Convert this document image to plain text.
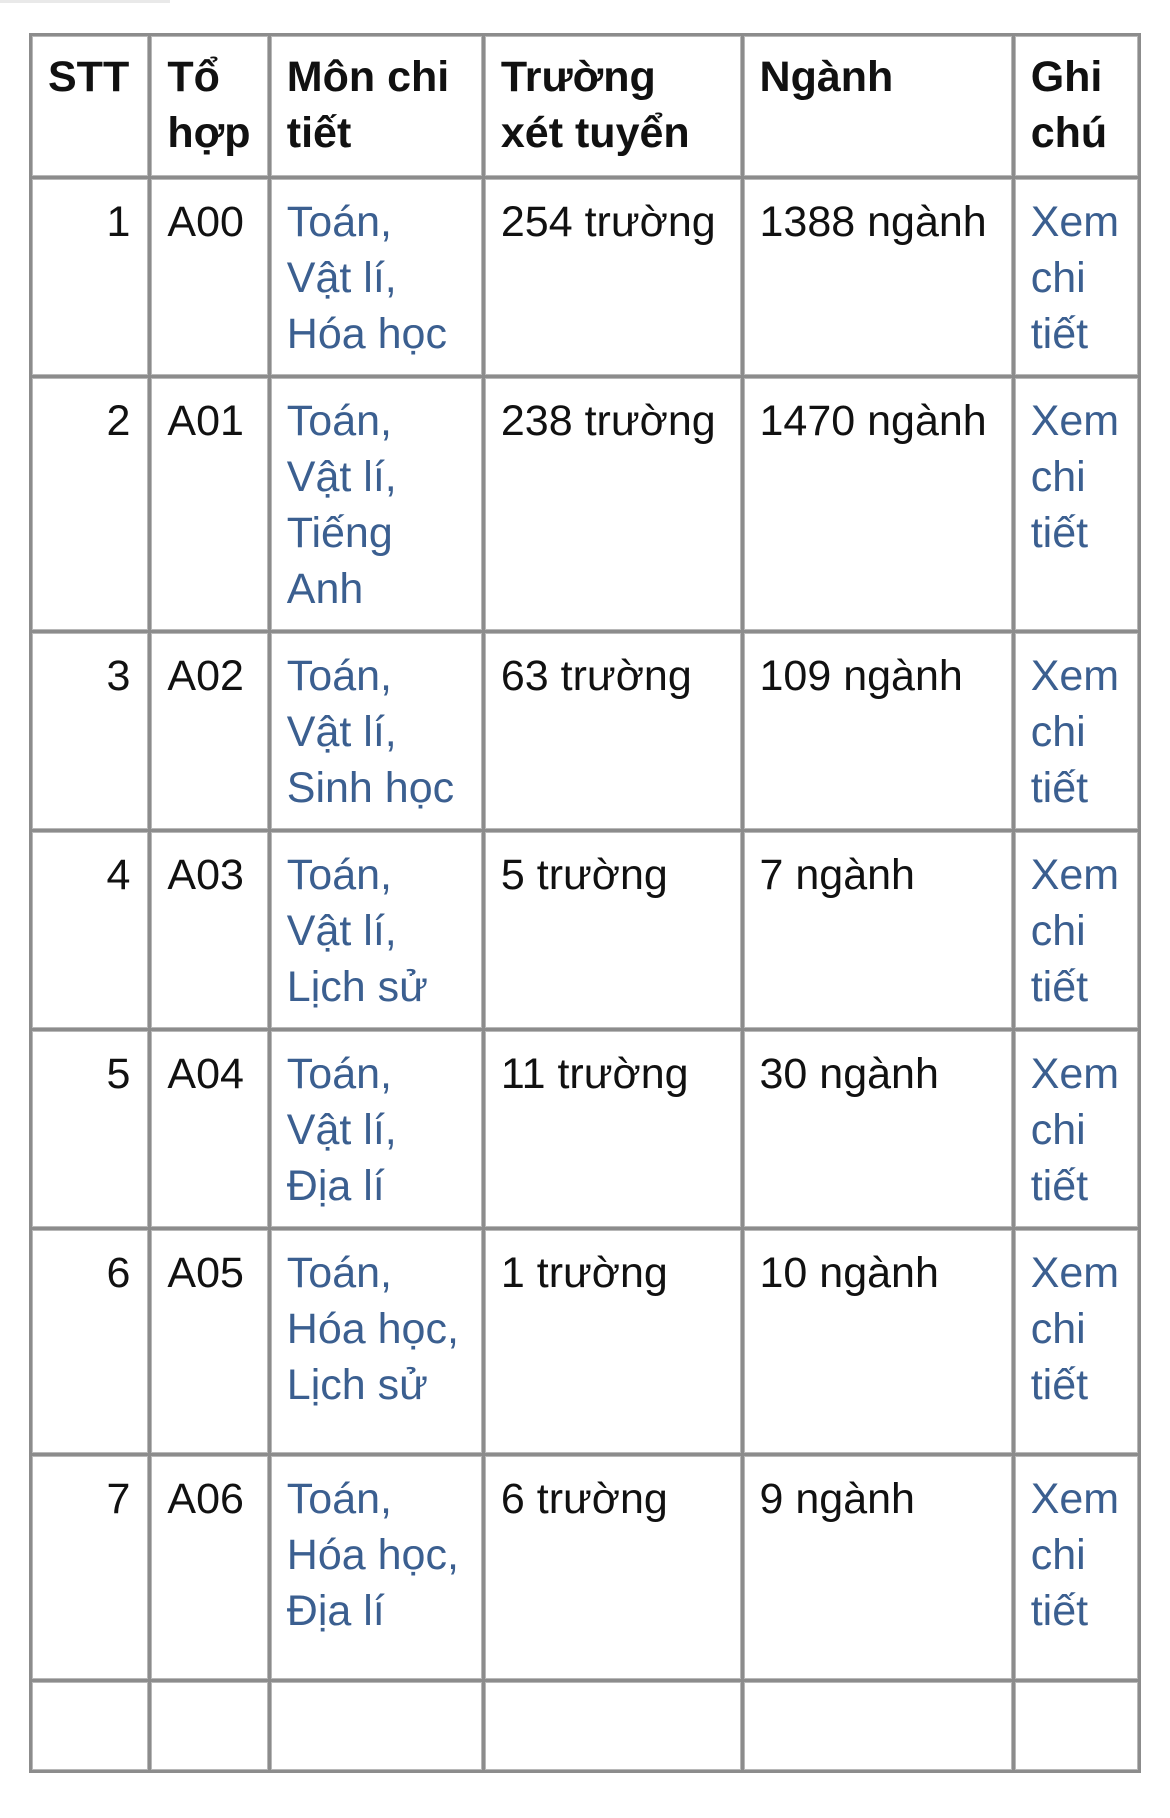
STT	Tổ hợp	Môn chi tiết	Trường xét tuyển	Ngành	Ghi chú
1	A00	Toán, Vật lí, Hóa học	254 trường	1388 ngành	Xem chi tiết
2	A01	Toán, Vật lí, Tiếng Anh	238 trường	1470 ngành	Xem chi tiết
3	A02	Toán, Vật lí, Sinh học	63 trường	109 ngành	Xem chi tiết
4	A03	Toán, Vật lí, Lịch sử	5 trường	7 ngành	Xem chi tiết
5	A04	Toán, Vật lí, Địa lí	11 trường	30 ngành	Xem chi tiết
6	A05	Toán, Hóa học, Lịch sử	1 trường	10 ngành	Xem chi tiết
7	A06	Toán, Hóa học, Địa lí	6 trường	9 ngành	Xem chi tiết
